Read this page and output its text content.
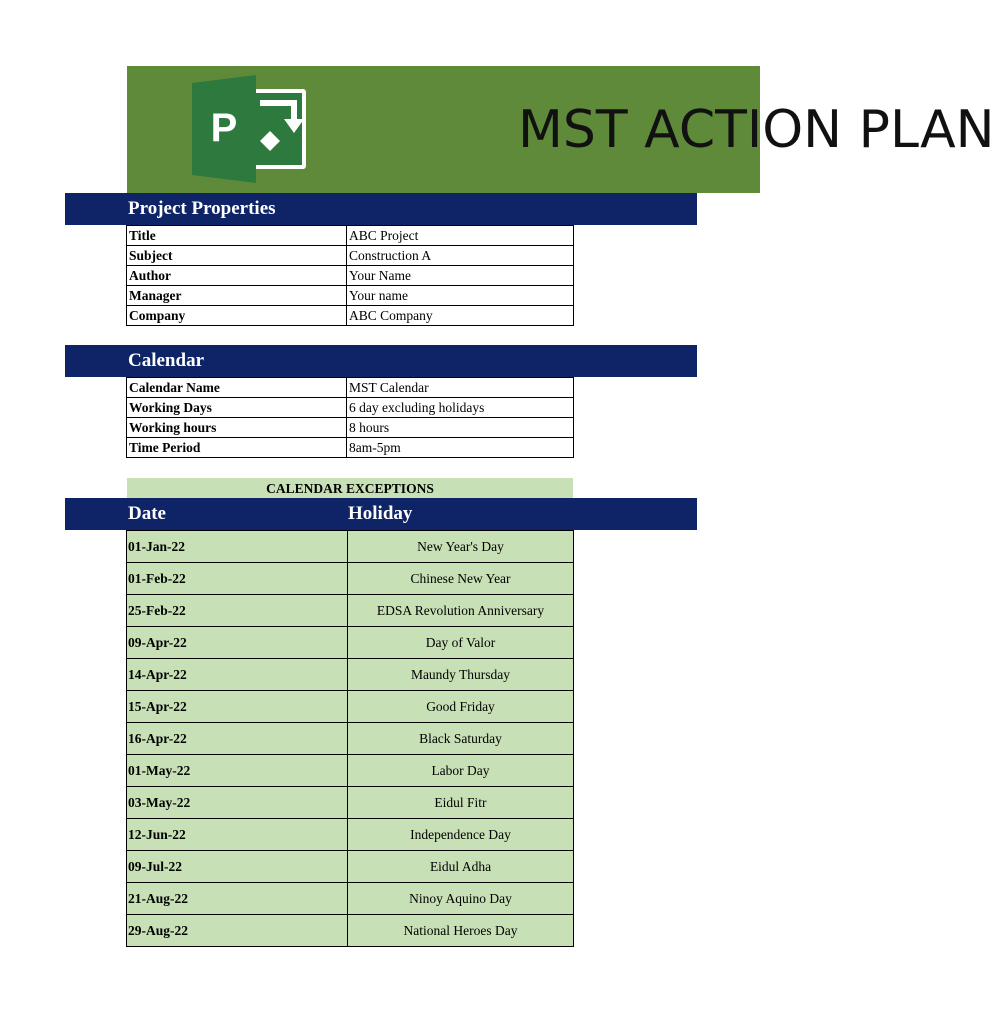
P	MST ACTION PLAN
Project Properties
Title	ABC Project
Subject	Construction A
Author	Your Name
Manager	Your name
Company	ABC Company
Calendar
Calendar Name	MST Calendar
Working Days	6 day excluding holidays
Working hours	8 hours
Time Period	8am-5pm
CALENDAR EXCEPTIONS
Date	Holiday
01-Jan-22	New Year's Day
01-Feb-22	Chinese New Year
25-Feb-22	EDSA Revolution Anniversary
09-Apr-22	Day of Valor
14-Apr-22	Maundy Thursday
15-Apr-22	Good Friday
16-Apr-22	Black Saturday
01-May-22	Labor Day
03-May-22	Eidul Fitr
12-Jun-22	Independence Day
09-Jul-22	Eidul Adha
21-Aug-22	Ninoy Aquino Day
29-Aug-22	National Heroes Day
